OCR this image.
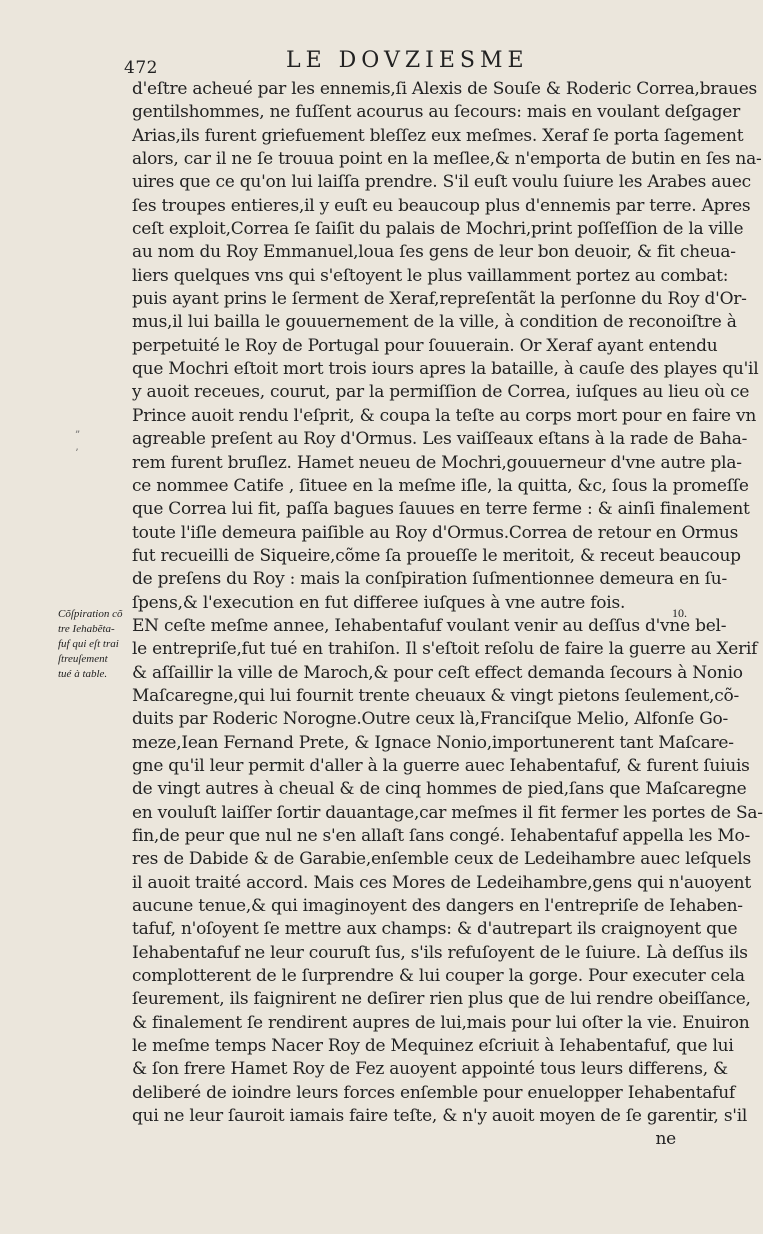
472	LE DOVZIESME
”
ʼ
Cõſpiration cõ
tre Iehabẽta-
fuf qui eſt trai
ſtreuſement
tué à table.
10.
d'eſtre acheué par les ennemis,ſi Alexis de Souſe & Roderic Correa,braues
gentilshommes, ne fuſſent acourus au ſecours: mais en voulant deſgager
Arias,ils furent griefuement bleſſez eux meſmes. Xeraf ſe porta ſagement
alors, car il ne ſe trouua point en la meſlee,& n'emporta de butin en ſes na-
uires que ce qu'on lui laiſſa prendre. S'il euſt voulu ſuiure les Arabes auec
ſes troupes entieres,il y euſt eu beaucoup plus d'ennemis par terre. Apres
ceſt exploit,Correa ſe ſaiſit du palais de Mochri,print poſſeſſion de la ville
au nom du Roy Emmanuel,loua ſes gens de leur bon deuoir, & fit cheua-
liers quelques vns qui s'eſtoyent le plus vaillamment portez au combat:
puis ayant prins le ſerment de Xeraf,repreſentãt la perſonne du Roy d'Or-
mus,il lui bailla le gouuernement de la ville, à condition de reconoiſtre à
perpetuité le Roy de Portugal pour ſouuerain. Or Xeraf ayant entendu
que Mochri eſtoit mort trois iours apres la bataille, à cauſe des playes qu'il
y auoit receues, courut, par la permiſſion de Correa, iuſques au lieu où ce
Prince auoit rendu l'eſprit, & coupa la teſte au corps mort pour en faire vn
agreable preſent au Roy d'Ormus. Les vaiſſeaux eſtans à la rade de Baha-
rem furent bruſlez. Hamet neueu de Mochri,gouuerneur d'vne autre pla-
ce nommee Catife , ſituee en la meſme iſle, la quitta, &c, ſous la promeſſe
que Correa lui fit, paſſa bagues ſauues en terre ferme : & ainſi finalement
toute l'iſle demeura paiſible au Roy d'Ormus.Correa de retour en Ormus
fut recueilli de Siqueire,cõme ſa proueſſe le meritoit, & receut beaucoup
de preſens du Roy : mais la conſpiration ſuſmentionnee demeura en ſu-
ſpens,& l'execution en fut differee iuſques à vne autre fois.
EN ceſte meſme annee, Iehabentafuf voulant venir au deſſus d'vne bel-
le entrepriſe,fut tué en trahiſon. Il s'eſtoit reſolu de faire la guerre au Xerif
& aſſaillir la ville de Maroch,& pour ceſt effect demanda ſecours à Nonio
Maſcaregne,qui lui fournit trente cheuaux & vingt pietons ſeulement,cõ-
duits par Roderic Norogne.Outre ceux là,Franciſque Melio, Alfonſe Go-
meze,Iean Fernand Prete, & Ignace Nonio,importunerent tant Maſcare-
gne qu'il leur permit d'aller à la guerre auec Iehabentafuf, & furent ſuiuis
de vingt autres à cheual & de cinq hommes de pied,ſans que Maſcaregne
en vouluſt laiſſer ſortir dauantage,car meſmes il fit fermer les portes de Sa-
fin,de peur que nul ne s'en allaſt ſans congé. Iehabentafuf appella les Mo-
res de Dabide & de Garabie,enſemble ceux de Ledeihambre auec leſquels
il auoit traité accord. Mais ces Mores de Ledeihambre,gens qui n'auoyent
aucune tenue,& qui imaginoyent des dangers en l'entrepriſe de Iehaben-
tafuf, n'oſoyent ſe mettre aux champs: & d'autrepart ils craignoyent que
Iehabentafuf ne leur couruſt ſus, s'ils refuſoyent de le ſuiure. Là deſſus ils
complotterent de le ſurprendre & lui couper la gorge. Pour executer cela
ſeurement, ils faignirent ne deſirer rien plus que de lui rendre obeiſſance,
& finalement ſe rendirent aupres de lui,mais pour lui oſter la vie. Enuiron
le meſme temps Nacer Roy de Mequinez eſcriuit à Iehabentafuf, que lui
& ſon frere Hamet Roy de Fez auoyent appointé tous leurs differens, &
deliberé de ioindre leurs forces enſemble pour enuelopper Iehabentafuf
qui ne leur ſauroit iamais faire teſte, & n'y auoit moyen de ſe garentir, s'il
ne
